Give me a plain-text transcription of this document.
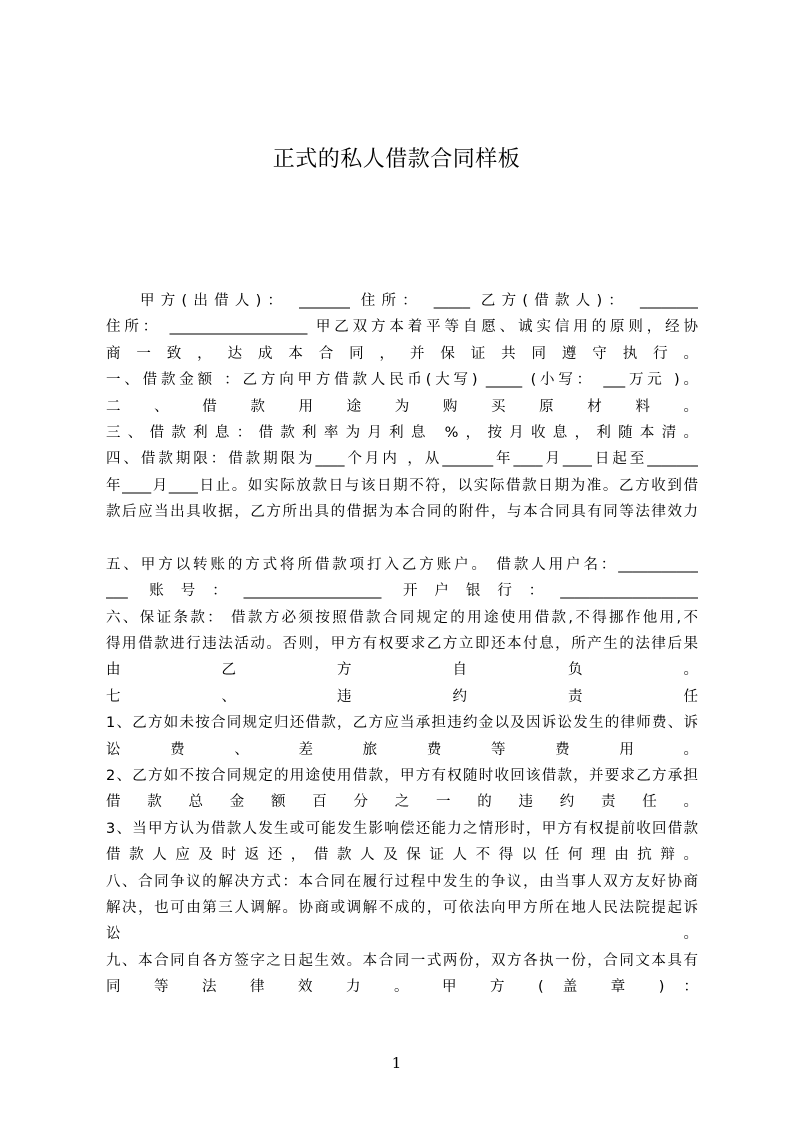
正式的私人借款合同样板
甲方(出借人)： _______ 住所： _____ 乙方(借款人)： ________
住所： ___________________ 甲乙双方本着平等自愿、诚实信用的原则，经协
商 一 致 ， 达 成 本 合 同 ， 并 保 证 共 同 遵 守 执 行 。
一、借款金额 ：乙方向甲方借款人民币(大写) _____ (小写： ___万元 )。
二 、 借 款 用 途 为 购 买 原 材 料 。
三、借款利息：借款利率为月利息 %，按月收息，利随本清。
四、借款期限：借款期限为____个月内 ，从_______年____月____日起至_______
年____月____日止。如实际放款日与该日期不符，以实际借款日期为准。乙方收到借
款后应当出具收据，乙方所出具的借据为本合同的附件，与本合同具有同等法律效力
五、甲方以转账的方式将所借款项打入乙方账户。 借款人用户名：___________
___ 账号：___________________ 开户银行：___________________
六、保证条款： 借款方必须按照借款合同规定的用途使用借款,不得挪作他用,不
得用借款进行违法活动。否则，甲方有权要求乙方立即还本付息，所产生的法律后果
由 乙 方 自 负 。
七 、 违 约 责 任
1、乙方如未按合同规定归还借款，乙方应当承担违约金以及因诉讼发生的律师费、诉
讼 费 、 差 旅 费 等 费 用 。
2、乙方如不按合同规定的用途使用借款，甲方有权随时收回该借款，并要求乙方承担
借 款 总 金 额 百 分 之 一 的 违 约 责 任 。
3、当甲方认为借款人发生或可能发生影响偿还能力之情形时，甲方有权提前收回借款
借 款 人 应 及 时 返 还 ， 借 款 人 及 保 证 人 不 得 以 任 何 理 由 抗 辩 。
八、合同争议的解决方式：本合同在履行过程中发生的争议，由当事人双方友好协商
解决，也可由第三人调解。协商或调解不成的，可依法向甲方所在地人民法院提起诉
讼 。
九、本合同自各方签字之日起生效。本合同一式两份，双方各执一份，合同文本具有
同 等 法 律 效 力 。 甲 方 ( 盖 章 ) ：
1
